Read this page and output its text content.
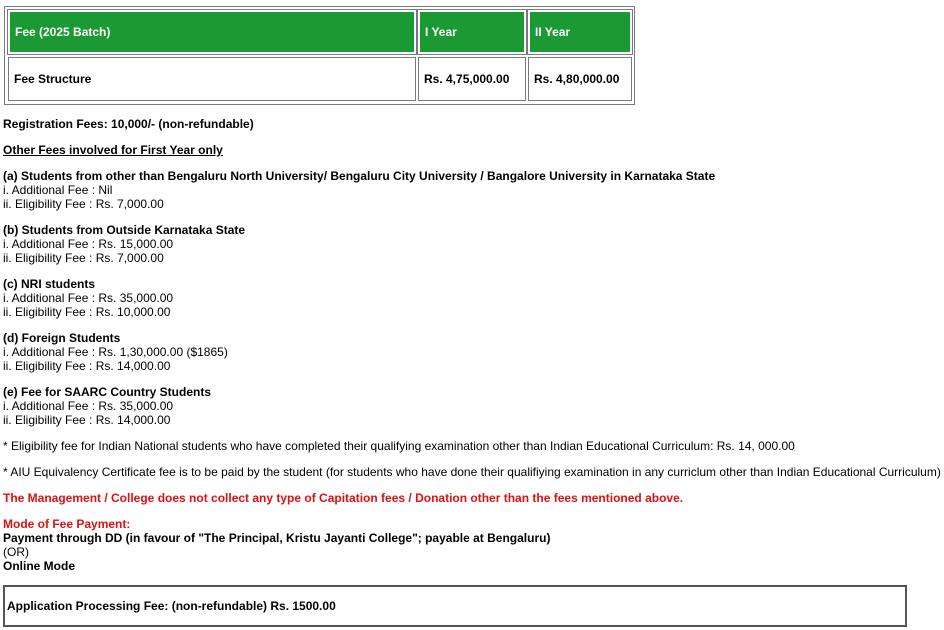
Fee (2025 Batch)	I Year	II Year
Fee Structure	Rs. 4,75,000.00	Rs. 4,80,000.00
Registration Fees: 10,000/- (non-refundable)
Other Fees involved for First Year only
(a) Students from other than Bengaluru North University/ Bengaluru City University / Bangalore University in Karnataka State
i. Additional Fee : Nil
ii. Eligibility Fee : Rs. 7,000.00
(b) Students from Outside Karnataka State
i. Additional Fee : Rs. 15,000.00
ii. Eligibility Fee : Rs. 7,000.00
(c) NRI students
i. Additional Fee : Rs. 35,000.00
ii. Eligibility Fee : Rs. 10,000.00
(d) Foreign Students
i. Additional Fee : Rs. 1,30,000.00 ($1865)
ii. Eligibility Fee : Rs. 14,000.00
(e) Fee for SAARC Country Students
i. Additional Fee : Rs. 35,000.00
ii. Eligibility Fee : Rs. 14,000.00
* Eligibility fee for Indian National students who have completed their qualifying examination other than Indian Educational Curriculum: Rs. 14, 000.00
* AIU Equivalency Certificate fee is to be paid by the student (for students who have done their qualifiying examination in any curriclum other than Indian Educational Curriculum)
The Management / College does not collect any type of Capitation fees / Donation other than the fees mentioned above.
Mode of Fee Payment:
Payment through DD (in favour of "The Principal, Kristu Jayanti College"; payable at Bengaluru)
(OR)
Online Mode
Application Processing Fee: (non-refundable) Rs. 1500.00
